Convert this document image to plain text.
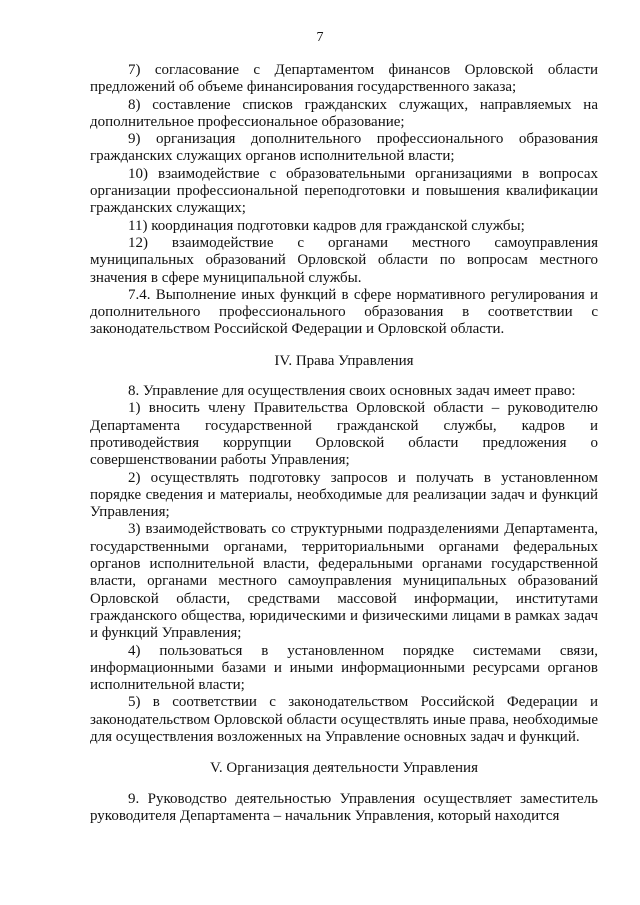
7

7) согласование с Департаментом финансов Орловской области предложений об объеме финансирования государственного заказа;

8) составление списков гражданских служащих, направляемых на дополнительное профессиональное образование;

9) организация дополнительного профессионального образования гражданских служащих органов исполнительной власти;

10) взаимодействие с образовательными организациями в вопросах организации профессиональной переподготовки и повышения квалификации гражданских служащих;

11) координация подготовки кадров для гражданской службы;

12) взаимодействие с органами местного самоуправления муниципальных образований Орловской области по вопросам местного значения в сфере муниципальной службы.

7.4. Выполнение иных функций в сфере нормативного регулирования и дополнительного профессионального образования в соответствии с законодательством Российской Федерации и Орловской области.

IV. Права Управления

8. Управление для осуществления своих основных задач имеет право:

1) вносить члену Правительства Орловской области – руководителю Департамента государственной гражданской службы, кадров и противодействия коррупции Орловской области предложения о совершенствовании работы Управления;

2) осуществлять подготовку запросов и получать в установленном порядке сведения и материалы, необходимые для реализации задач и функций Управления;

3) взаимодействовать со структурными подразделениями Департамента, государственными органами, территориальными органами федеральных органов исполнительной власти, федеральными органами государственной власти, органами местного самоуправления муниципальных образований Орловской области, средствами массовой информации, институтами гражданского общества, юридическими и физическими лицами в рамках задач и функций Управления;

4) пользоваться в установленном порядке системами связи, информационными базами и иными информационными ресурсами органов исполнительной власти;

5) в соответствии с законодательством Российской Федерации и законодательством Орловской области осуществлять иные права, необходимые для осуществления возложенных на Управление основных задач и функций.

V. Организация деятельности Управления

9. Руководство деятельностью Управления осуществляет заместитель руководителя Департамента – начальник Управления, который находится
